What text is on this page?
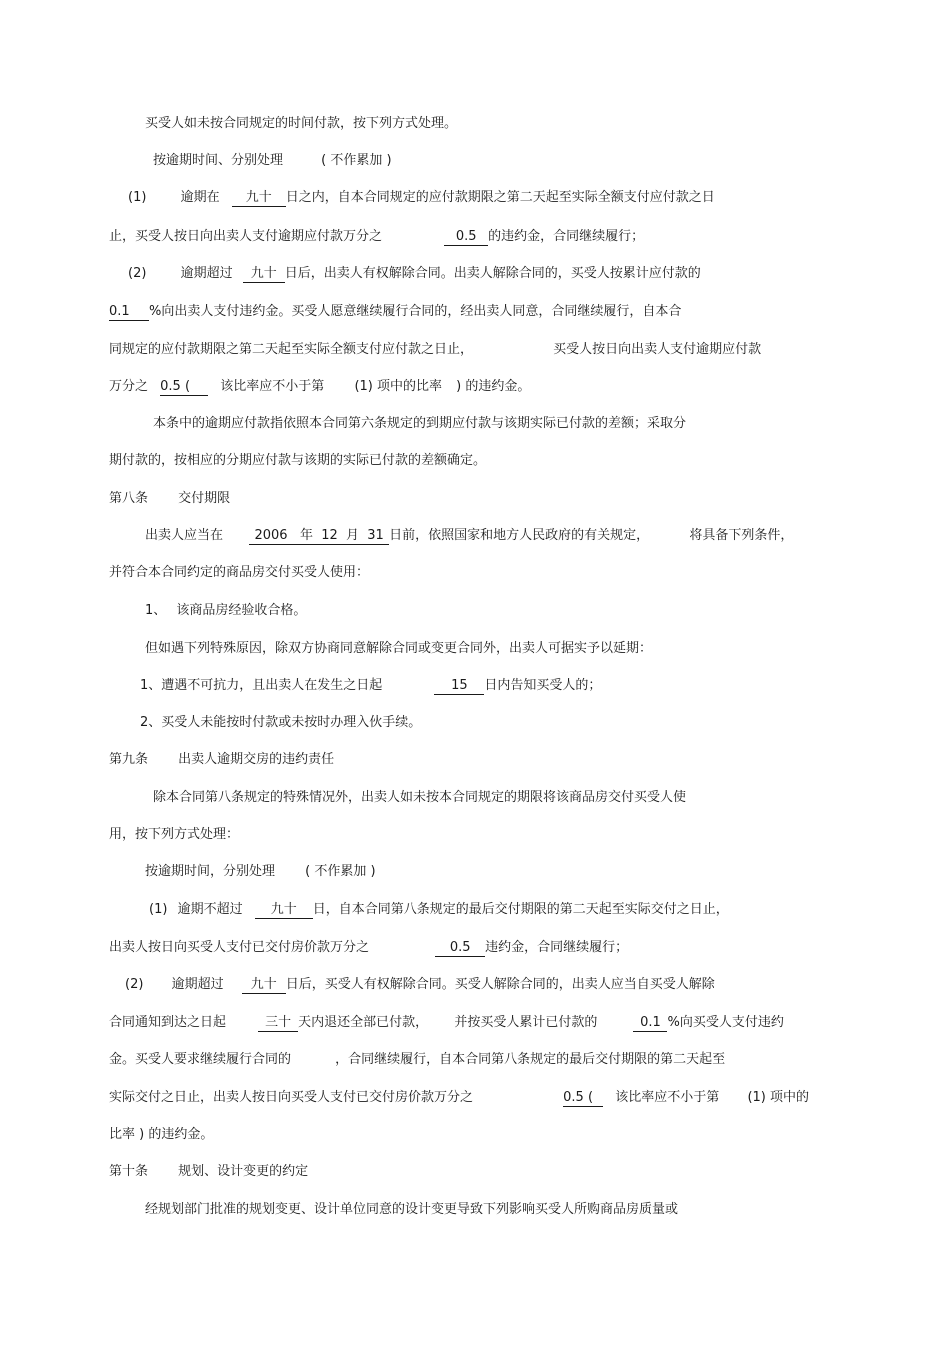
买受人如未按合同规定的时间付款，按下列方式处理。
按逾期时间、分别处理	( 不作累加 )
(1)	逾期在 九十 日之内，自本合同规定的应付款期限之第二天起至实际全额支付应付款之日
止，买受人按日向出卖人支付逾期应付款万分之	0.5 的违约金，合同继续履行；
(2)	逾期超过 九十 日后，出卖人有权解除合同。出卖人解除合同的，买受人按累计应付款的
0.1 %向出卖人支付违约金。买受人愿意继续履行合同的，经出卖人同意，合同继续履行，自本合
同规定的应付款期限之第二天起至实际全额支付应付款之日止，	买受人按日向出卖人支付逾期应付款
万分之 0.5 ( 该比率应不小于第 (1) 项中的比率 ) 的违约金。
本条中的逾期应付款指依照本合同第六条规定的到期应付款与该期实际已付款的差额；采取分
期付款的，按相应的分期应付款与该期的实际已付款的差额确定。
第八条 交付期限
出卖人应当在 2006   年  12  月  31 日前，依照国家和地方人民政府的有关规定，	将具备下列条件，
并符合本合同约定的商品房交付买受人使用：
1、 该商品房经验收合格。
但如遇下列特殊原因，除双方协商同意解除合同或变更合同外，出卖人可据实予以延期：
1、遭遇不可抗力，且出卖人在发生之日起	15 日内告知买受人的；
2、买受人未能按时付款或未按时办理入伙手续。
第九条 出卖人逾期交房的违约责任
除本合同第八条规定的特殊情况外，出卖人如未按本合同规定的期限将该商品房交付买受人使
用，按下列方式处理：
按逾期时间，分别处理 ( 不作累加 )
(1) 逾期不超过 九十 日，自本合同第八条规定的最后交付期限的第二天起至实际交付之日止，
出卖人按日向买受人支付已交付房价款万分之	0.5 违约金，合同继续履行；
(2) 逾期超过 九十 日后，买受人有权解除合同。买受人解除合同的，出卖人应当自买受人解除
合同通知到达之日起	三十 天内退还全部已付款， 并按买受人累计已付款的	0.1 %向买受人支付违约
金。买受人要求继续履行合同的	，合同继续履行，自本合同第八条规定的最后交付期限的第二天起至
实际交付之日止，出卖人按日向买受人支付已交付房价款万分之	0.5 ( 该比率应不小于第 (1) 项中的
比率 ) 的违约金。
第十条 规划、设计变更的约定
经规划部门批准的规划变更、设计单位同意的设计变更导致下列影响买受人所购商品房质量或
